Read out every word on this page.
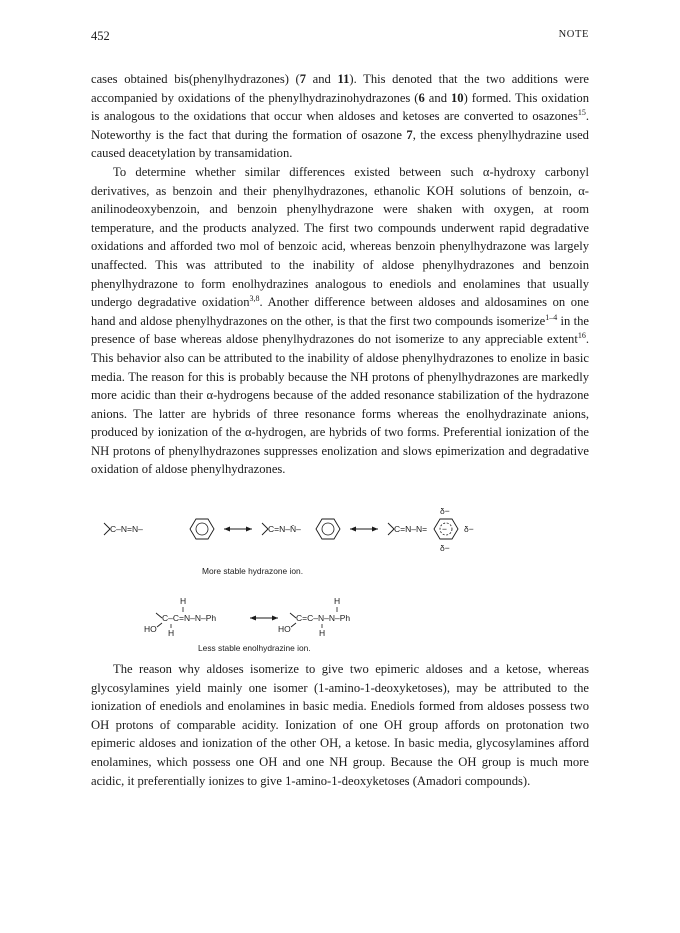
452	NOTE

cases obtained bis(phenylhydrazones) (7 and 11). This denoted that the two additions were accompanied by oxidations of the phenylhydrazinohydrazones (6 and 10) formed. This oxidation is analogous to the oxidations that occur when aldoses and ketoses are converted to osazones$^{15}$. Noteworthy is the fact that during the formation of osazone 7, the excess phenylhydrazine used caused deacetylation by transamidation.

To determine whether similar differences existed between such α-hydroxy carbonyl derivatives, as benzoin and their phenylhydrazones, ethanolic KOH solutions of benzoin, α-anilinodeoxybenzoin, and benzoin phenylhydrazone were shaken with oxygen, at room temperature, and the products analyzed. The first two compounds underwent rapid degradative oxidations and afforded two mol of benzoic acid, whereas benzoin phenylhydrazone was largely unaffected. This was attributed to the inability of aldose phenylhydrazones and benzoin phenylhydrazone to form enolhydrazines analogous to enediols and enolamines that usually undergo degradative oxidation$^{3,8}$. Another difference between aldoses and aldosamines on one hand and aldose phenylhydrazones on the other, is that the first two compounds isomerize$^{1-4}$ in the presence of base whereas aldose phenylhydrazones do not isomerize to any appreciable extent$^{16}$. This behavior also can be attributed to the inability of aldose phenylhydrazones to enolize in basic media. The reason for this is probably because the NH protons of phenylhydrazones are markedly more acidic than their α-hydrogens because of the added resonance stabilization of the hydrazone anions. The latter are hybrids of three resonance forms whereas the enolhydrazinate anions, produced by ionization of the α-hydrogen, are hybrids of two forms. Preferential ionization of the NH protons of phenylhydrazones suppresses enolization and slows epimerization and degradative oxidation of aldose phenylhydrazones.

C–N=N–	C=N–N̄–	C=N–N= −
δ−
δ−
δ−
More stable hydrazone ion.
H
C–C=N–N–Ph
HO H
H
C=C–N–N–Ph
HO	H
Less stable enolhydrazine ion.

The reason why aldoses isomerize to give two epimeric aldoses and a ketose, whereas glycosylamines yield mainly one isomer (1-amino-1-deoxyketoses), may be attributed to the ionization of enediols and enolamines in basic media. Enediols formed from aldoses possess two OH protons of comparable acidity. Ionization of one OH group affords on protonation two epimeric aldoses and ionization of the other OH, a ketose. In basic media, glycosylamines afford enolamines, which possess one OH and one NH group. Because the OH group is much more acidic, it preferentially ionizes to give 1-amino-1-deoxyketoses (Amadori compounds).
